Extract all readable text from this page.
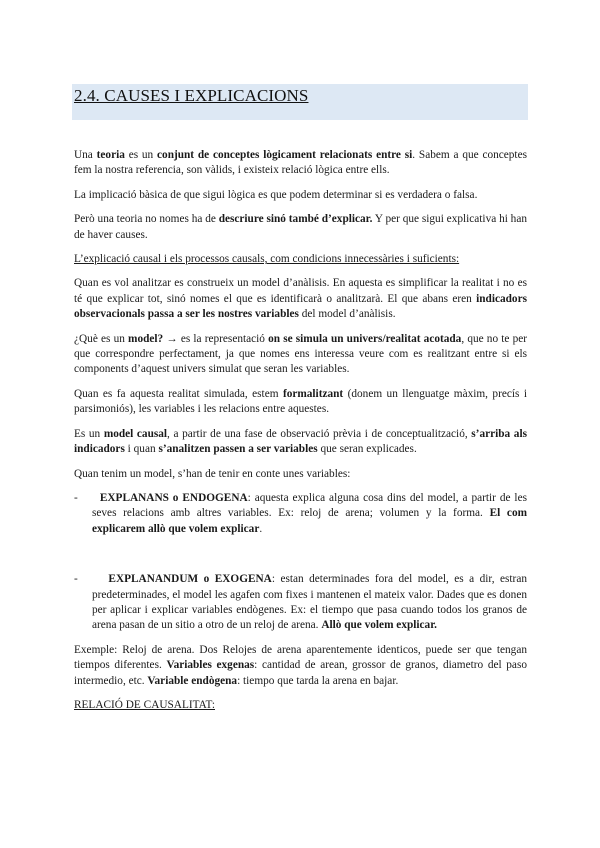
2.4. CAUSES I EXPLICACIONS

Una teoria es un conjunt de conceptes lògicament relacionats entre si. Sabem a que conceptes fem la nostra referencia, son vàlids, i existeix relació lògica entre ells.

La implicació bàsica de que sigui lògica es que podem determinar si es verdadera o falsa.

Però una teoria no nomes ha de descriure sinó també d’explicar. Y per que sigui explicativa hi han de haver causes.

L’explicació causal i els processos causals, com condicions innecessàries i suficients:

Quan es vol analitzar es construeix un model d’anàlisis. En aquesta es simplificar la realitat i no es té que explicar tot, sinó nomes el que es identificarà o analitzarà. El que abans eren indicadors observacionals passa a ser les nostres variables del model d’anàlisis.

¿Què es un model? → es la representació on se simula un univers/realitat acotada, que no te per que correspondre perfectament, ja que nomes ens interessa veure com es realitzant entre si els components d’aquest univers simulat que seran les variables.

Quan es fa aquesta realitat simulada, estem formalitzant (donem un llenguatge màxim, precís i parsimoniós), les variables i les relacions entre aquestes.

Es un model causal, a partir de una fase de observació prèvia i de conceptualització, s’arriba als indicadors i quan s’analitzen passen a ser variables que seran explicades.

Quan tenim un model, s’han de tenir en conte unes variables:

-	EXPLANANS o ENDOGENA: aquesta explica alguna cosa dins del model, a partir de les seves relacions amb altres variables. Ex: reloj de arena; volumen y la forma. El com explicarem allò que volem explicar.
-	EXPLANANDUM o EXOGENA: estan determinades fora del model, es a dir, estran predeterminades, el model les agafen com fixes i mantenen el mateix valor. Dades que es donen per aplicar i explicar variables endògenes. Ex: el tiempo que pasa cuando todos los granos de arena pasan de un sitio a otro de un reloj de arena. Allò que volem explicar.

Exemple: Reloj de arena. Dos Relojes de arena aparentemente identicos, puede ser que tengan tiempos diferentes. Variables exgenas: cantidad de arean, grossor de granos, diametro del paso intermedio, etc. Variable endògena: tiempo que tarda la arena en bajar.

RELACIÓ DE CAUSALITAT:
